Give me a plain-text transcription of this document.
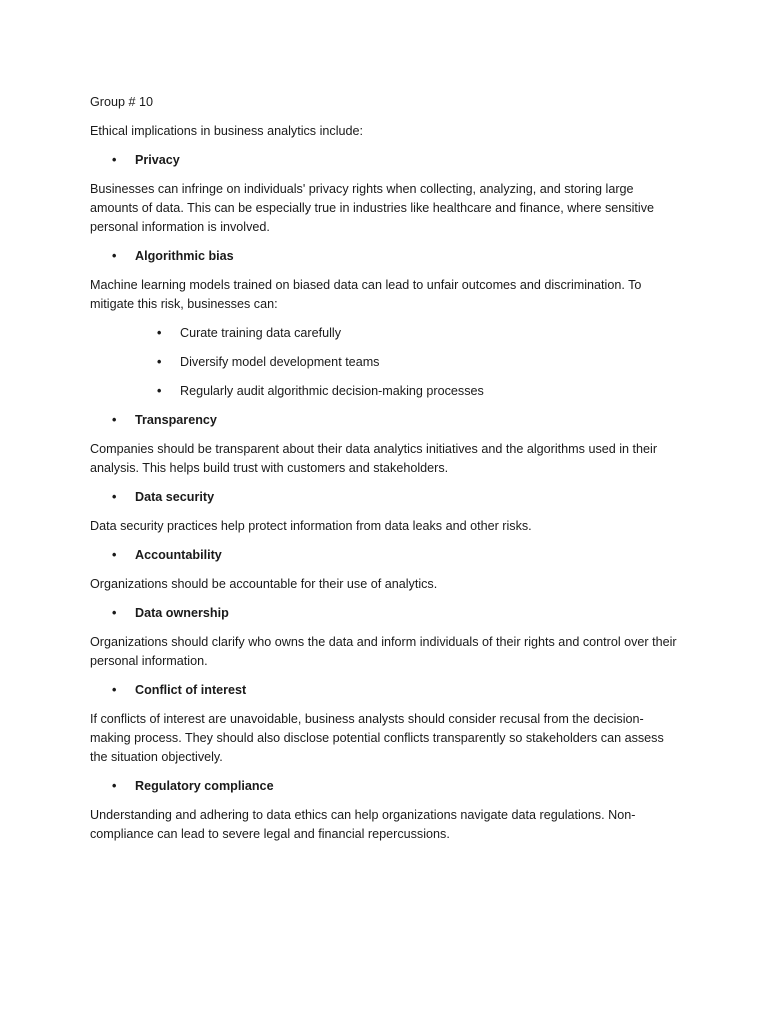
Group # 10

Ethical implications in business analytics include:

• Privacy

Businesses can infringe on individuals' privacy rights when collecting, analyzing, and storing large amounts of data. This can be especially true in industries like healthcare and finance, where sensitive personal information is involved.

• Algorithmic bias

Machine learning models trained on biased data can lead to unfair outcomes and discrimination. To mitigate this risk, businesses can:

• Curate training data carefully
• Diversify model development teams
• Regularly audit algorithmic decision-making processes
• Transparency

Companies should be transparent about their data analytics initiatives and the algorithms used in their analysis. This helps build trust with customers and stakeholders.

• Data security

Data security practices help protect information from data leaks and other risks.

• Accountability

Organizations should be accountable for their use of analytics.

• Data ownership

Organizations should clarify who owns the data and inform individuals of their rights and control over their personal information.

• Conflict of interest

If conflicts of interest are unavoidable, business analysts should consider recusal from the decision-making process. They should also disclose potential conflicts transparently so stakeholders can assess the situation objectively.

• Regulatory compliance

Understanding and adhering to data ethics can help organizations navigate data regulations. Non-compliance can lead to severe legal and financial repercussions.
